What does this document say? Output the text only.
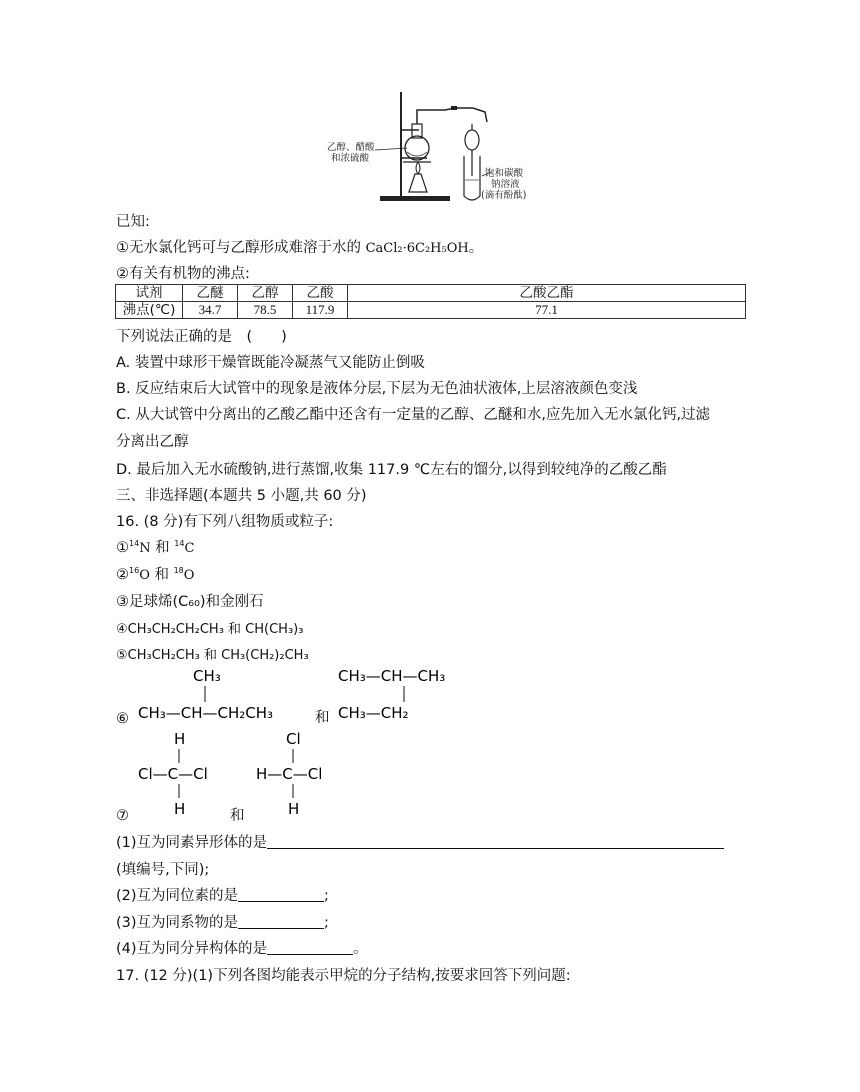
乙醇、醋酸
和浓硫酸
饱和碳酸
钠溶液
(滴有酚酞)
已知:
①无水氯化钙可与乙醇形成难溶于水的 CaCl₂·6C₂H₅OH。
②有关有机物的沸点:
试剂	乙醚	乙醇	乙酸	乙酸乙酯
沸点(℃)	34.7	78.5	117.9	77.1
下列说法正确的是　(　　)
A. 装置中球形干燥管既能冷凝蒸气又能防止倒吸
B. 反应结束后大试管中的现象是液体分层,下层为无色油状液体,上层溶液颜色变浅
C. 从大试管中分离出的乙酸乙酯中还含有一定量的乙醇、乙醚和水,应先加入无水氯化钙,过滤
分离出乙醇
D. 最后加入无水硫酸钠,进行蒸馏,收集 117.9 ℃左右的馏分,以得到较纯净的乙酸乙酯
三、非选择题(本题共 5 小题,共 60 分)
16. (8 分)有下列八组物质或粒子:
①$^{14}$N 和 $^{14}$C
②$^{16}$O 和 $^{18}$O
③足球烯(C₆₀)和金刚石
④CH₃CH₂CH₂CH₃ 和 CH(CH₃)₃
⑤CH₃CH₂CH₃ 和 CH₃(CH₂)₂CH₃
⑥
CH₃
CH₃—CH—CH₂CH₃	和
CH₃—CH—CH₃
CH₃—CH₂
⑦
H
Cl—C—Cl
H	和
Cl
H—C—Cl
H
(1)互为同素异形体的是
(填编号,下同);
(2)互为同位素的是	;
(3)互为同系物的是	;
(4)互为同分异构体的是	。
17. (12 分)(1)下列各图均能表示甲烷的分子结构,按要求回答下列问题:
